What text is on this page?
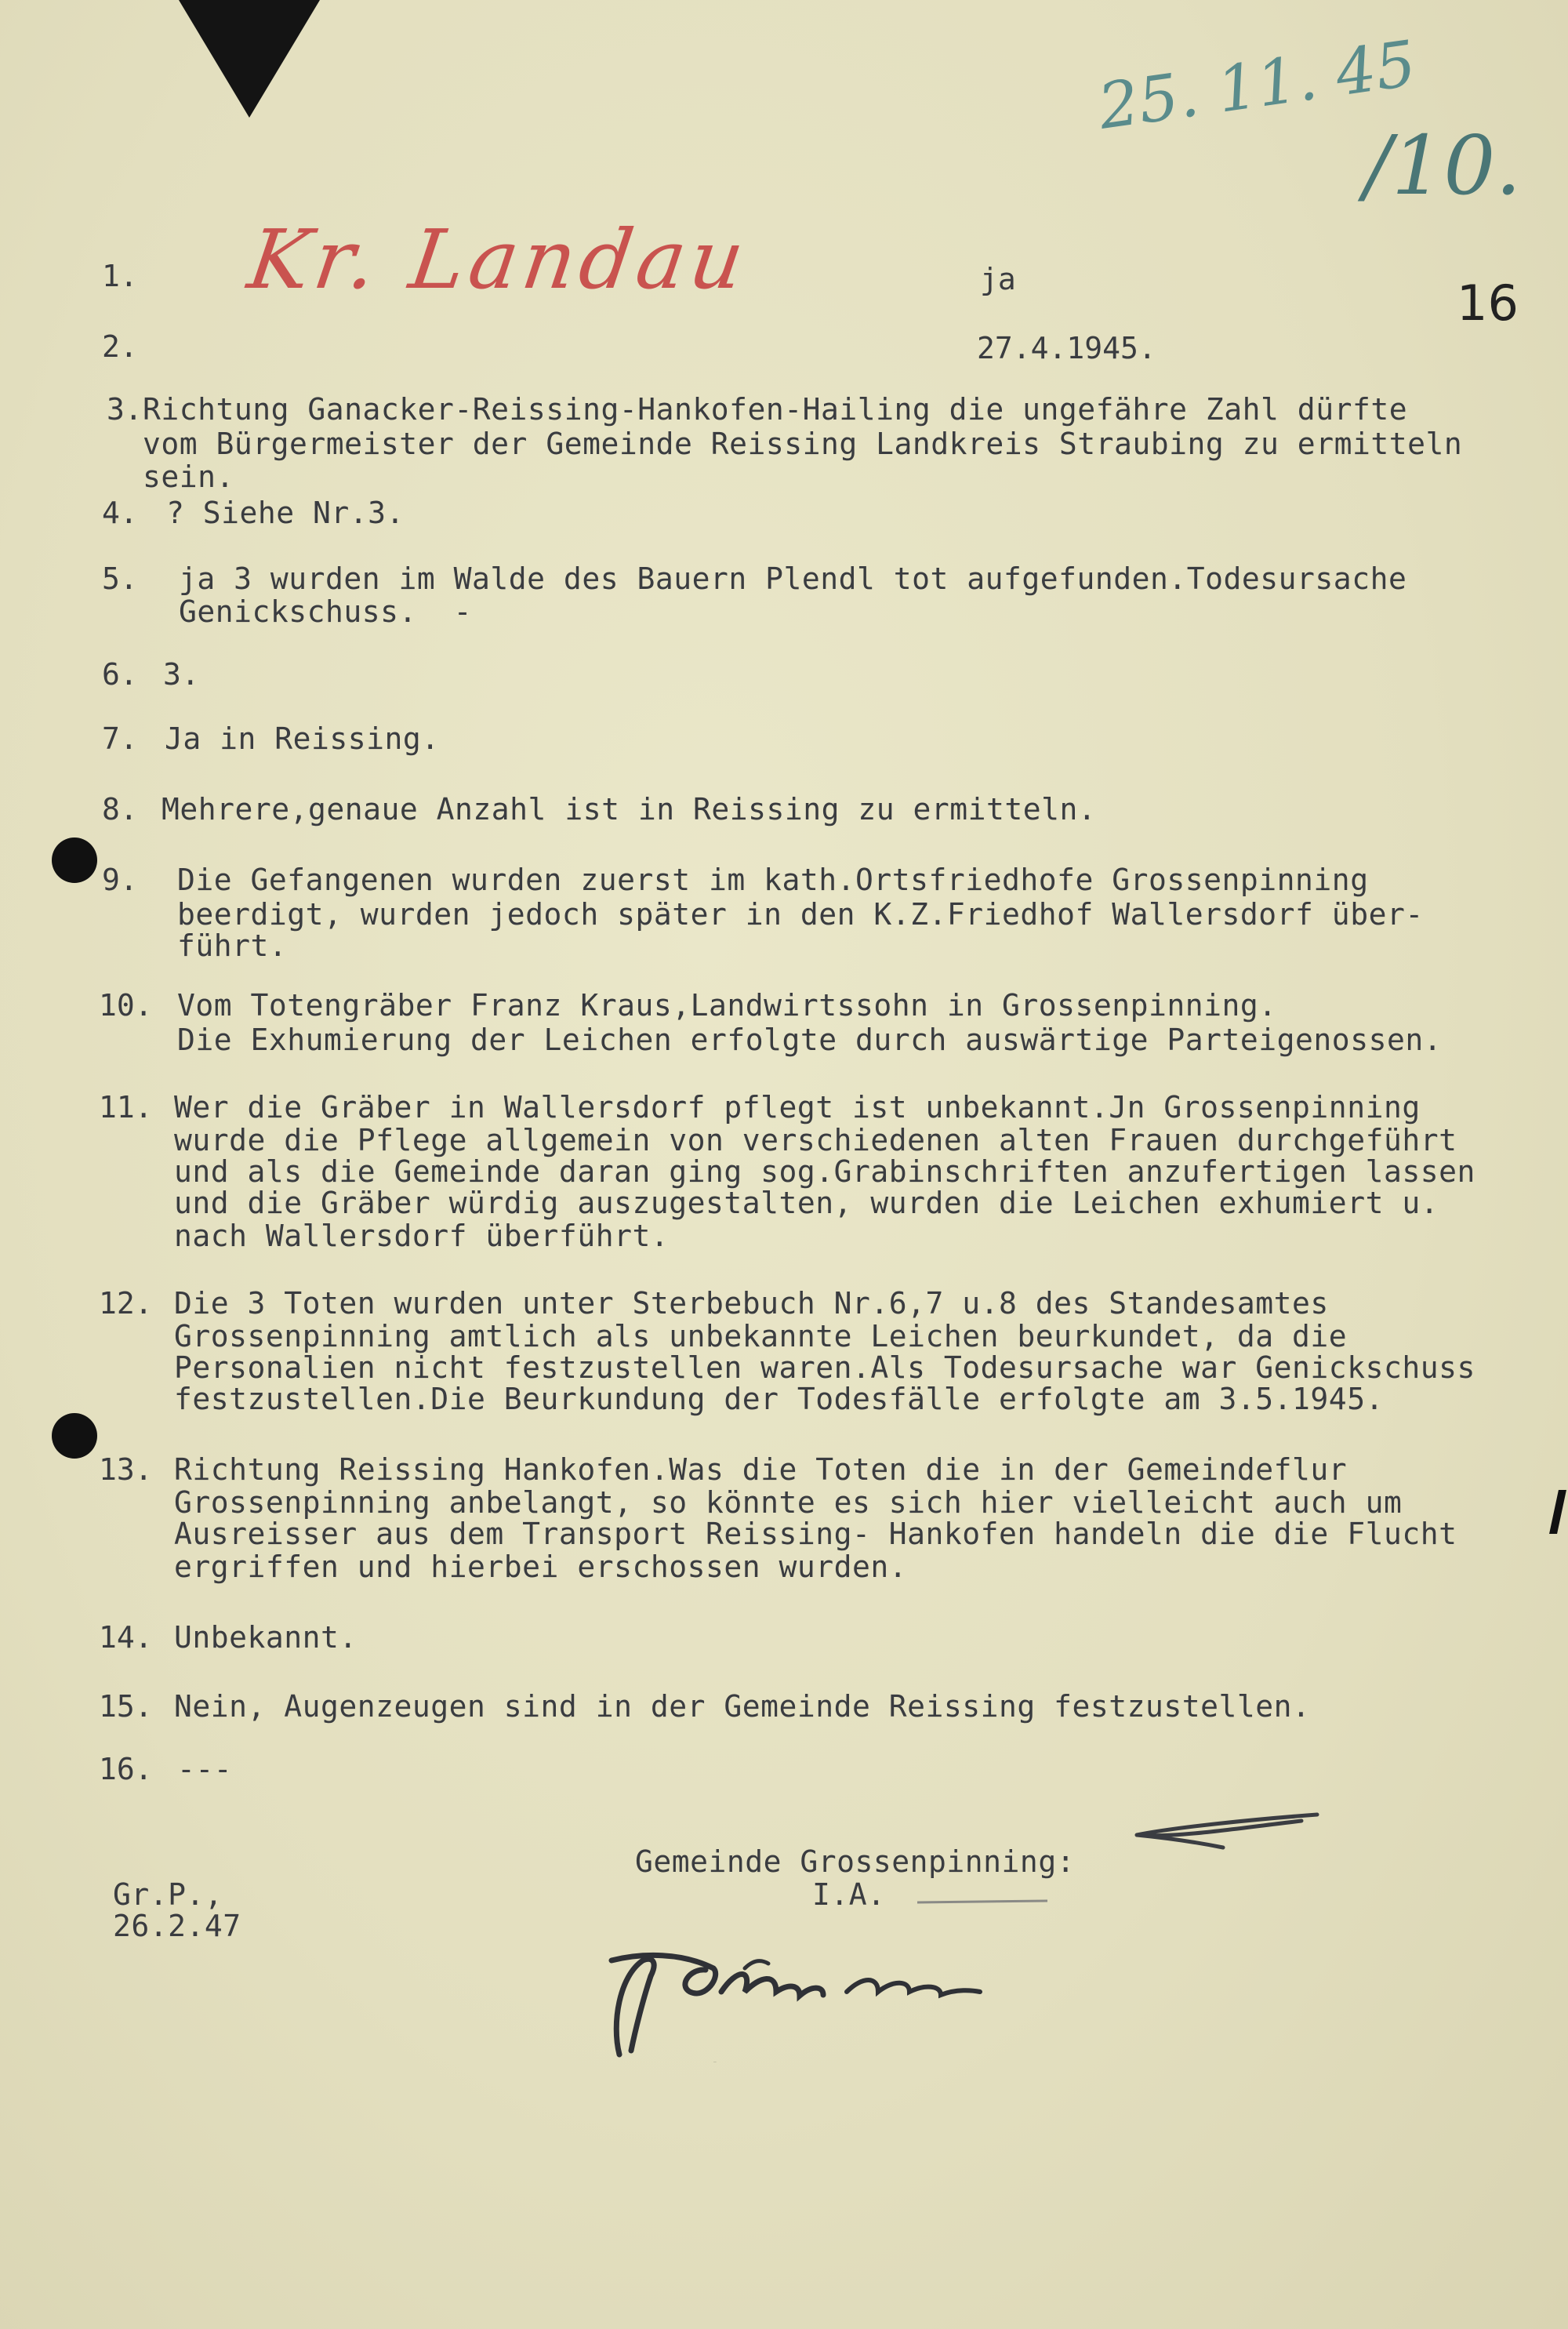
25. 11. 45
/10.
Kr. Landau	16
1.	ja
2.	27.4.1945.
3. Richtung Ganacker-Reissing-Hankofen-Hailing die ungefähre Zahl dürfte
vom Bürgermeister der Gemeinde Reissing Landkreis Straubing zu ermitteln
sein.
4. ? Siehe Nr.3.
5. ja 3 wurden im Walde des Bauern Plendl tot aufgefunden.Todesursache
Genickschuss.  -
6. 3.
7. Ja in Reissing.
8. Mehrere,genaue Anzahl ist in Reissing zu ermitteln.
9. Die Gefangenen wurden zuerst im kath.Ortsfriedhofe Grossenpinning
beerdigt, wurden jedoch später in den K.Z.Friedhof Wallersdorf über-
führt.
10. Vom Totengräber Franz Kraus,Landwirtssohn in Grossenpinning.
Die Exhumierung der Leichen erfolgte durch auswärtige Parteigenossen.
11. Wer die Gräber in Wallersdorf pflegt ist unbekannt.Jn Grossenpinning
wurde die Pflege allgemein von verschiedenen alten Frauen durchgeführt
und als die Gemeinde daran ging sog.Grabinschriften anzufertigen lassen
und die Gräber würdig auszugestalten, wurden die Leichen exhumiert u.
nach Wallersdorf überführt.
12. Die 3 Toten wurden unter Sterbebuch Nr.6,7 u.8 des Standesamtes
Grossenpinning amtlich als unbekannte Leichen beurkundet, da die
Personalien nicht festzustellen waren.Als Todesursache war Genickschuss
festzustellen.Die Beurkundung der Todesfälle erfolgte am 3.5.1945.
13. Richtung Reissing Hankofen.Was die Toten die in der Gemeindeflur
Grossenpinning anbelangt, so könnte es sich hier vielleicht auch um
Ausreisser aus dem Transport Reissing- Hankofen handeln die die Flucht
ergriffen und hierbei erschossen wurden.
14. Unbekannt.
15. Nein, Augenzeugen sind in der Gemeinde Reissing festzustellen.
16. ---
Gr.P.,
26.2.47
Gemeinde Grossenpinning:
I.A.
Johann
